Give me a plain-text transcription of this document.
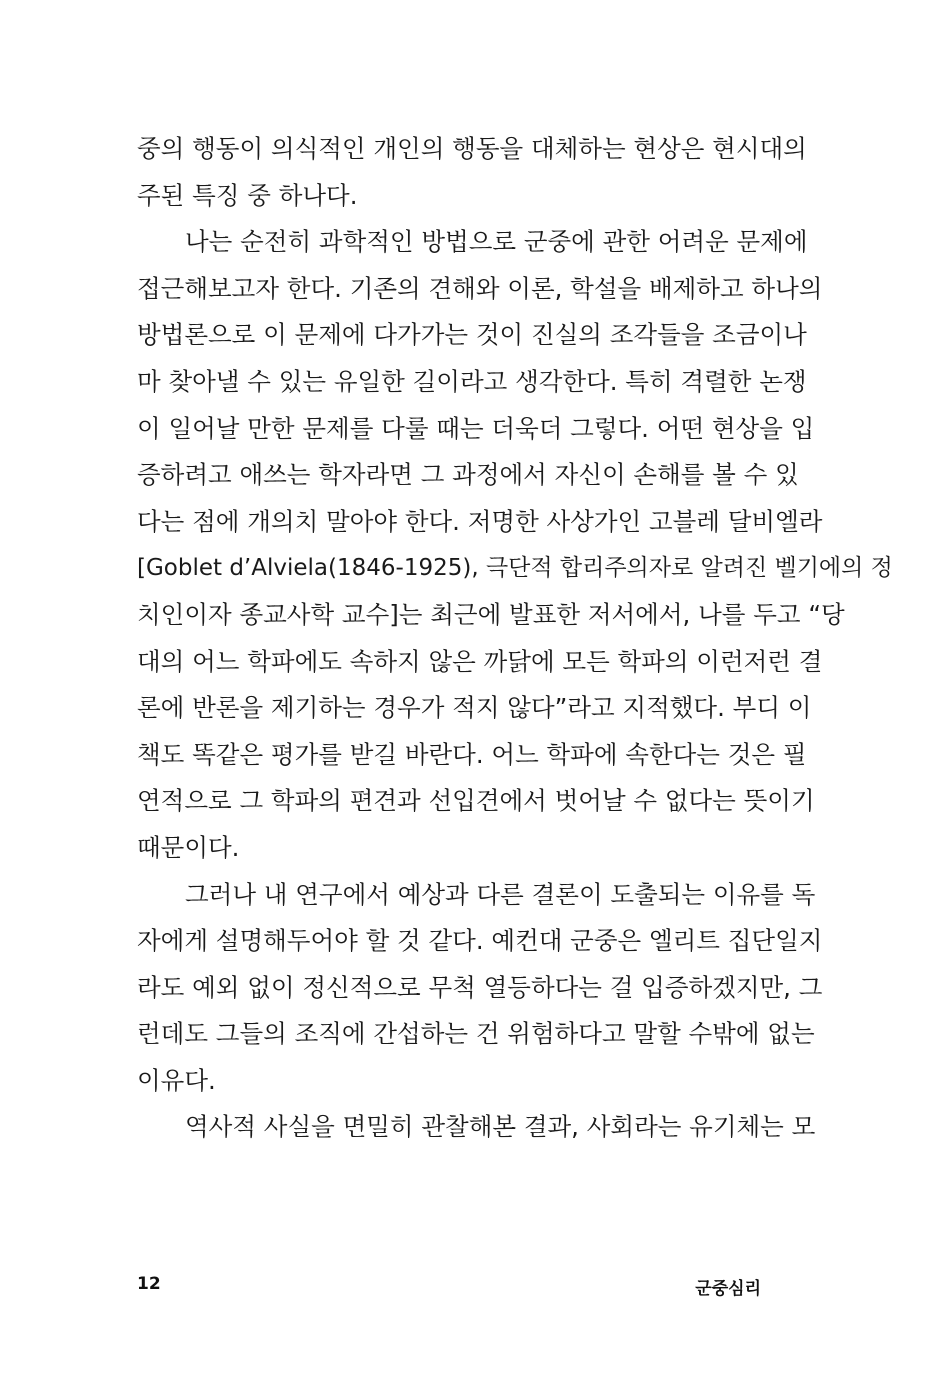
중의 행동이 의식적인 개인의 행동을 대체하는 현상은 현시대의
주된 특징 중 하나다.
나는 순전히 과학적인 방법으로 군중에 관한 어려운 문제에
접근해보고자 한다. 기존의 견해와 이론, 학설을 배제하고 하나의
방법론으로 이 문제에 다가가는 것이 진실의 조각들을 조금이나
마 찾아낼 수 있는 유일한 길이라고 생각한다. 특히 격렬한 논쟁
이 일어날 만한 문제를 다룰 때는 더욱더 그렇다. 어떤 현상을 입
증하려고 애쓰는 학자라면 그 과정에서 자신이 손해를 볼 수 있
다는 점에 개의치 말아야 한다. 저명한 사상가인 고블레 달비엘라
[Goblet d’Alviela(1846-1925), 극단적 합리주의자로 알려진 벨기에의 정
치인이자 종교사학 교수]는 최근에 발표한 저서에서, 나를 두고 “당
대의 어느 학파에도 속하지 않은 까닭에 모든 학파의 이런저런 결
론에 반론을 제기하는 경우가 적지 않다”라고 지적했다. 부디 이
책도 똑같은 평가를 받길 바란다. 어느 학파에 속한다는 것은 필
연적으로 그 학파의 편견과 선입견에서 벗어날 수 없다는 뜻이기
때문이다.
그러나 내 연구에서 예상과 다른 결론이 도출되는 이유를 독
자에게 설명해두어야 할 것 같다. 예컨대 군중은 엘리트 집단일지
라도 예외 없이 정신적으로 무척 열등하다는 걸 입증하겠지만, 그
런데도 그들의 조직에 간섭하는 건 위험하다고 말할 수밖에 없는
이유다.
역사적 사실을 면밀히 관찰해본 결과, 사회라는 유기체는 모
12	군중심리
